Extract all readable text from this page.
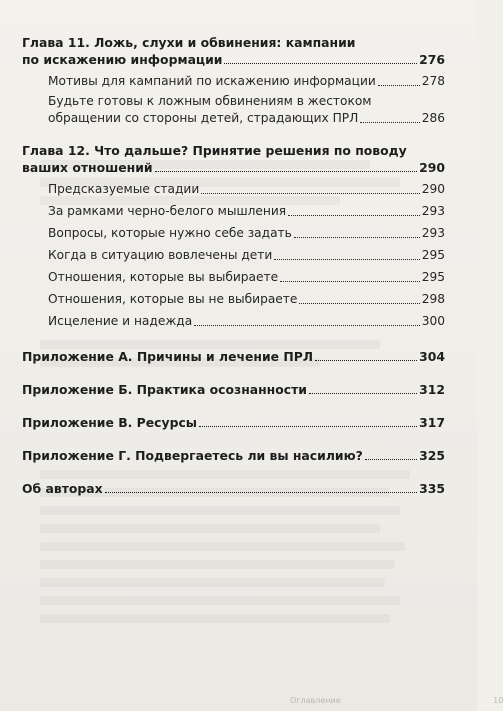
Глава 11. Ложь, слухи и обвинения: кампании
по искажению информации	276
Мотивы для кампаний по искажению информации	278
Будьте готовы к ложным обвинениям в жестоком
обращении со стороны детей, страдающих ПРЛ	286
Глава 12. Что дальше? Принятие решения по поводу
ваших отношений	290
Предсказуемые стадии	290
За рамками черно-белого мышления	293
Вопросы, которые нужно себе задать	293
Когда в ситуацию вовлечены дети	295
Отношения, которые вы выбираете	295
Отношения, которые вы не выбираете	298
Исцеление и надежда	300
Приложение А. Причины и лечение ПРЛ	304
Приложение Б. Практика осознанности	312
Приложение В. Ресурсы	317
Приложение Г. Подвергаетесь ли вы насилию?	325
Об авторах	335
Оглавление	10
